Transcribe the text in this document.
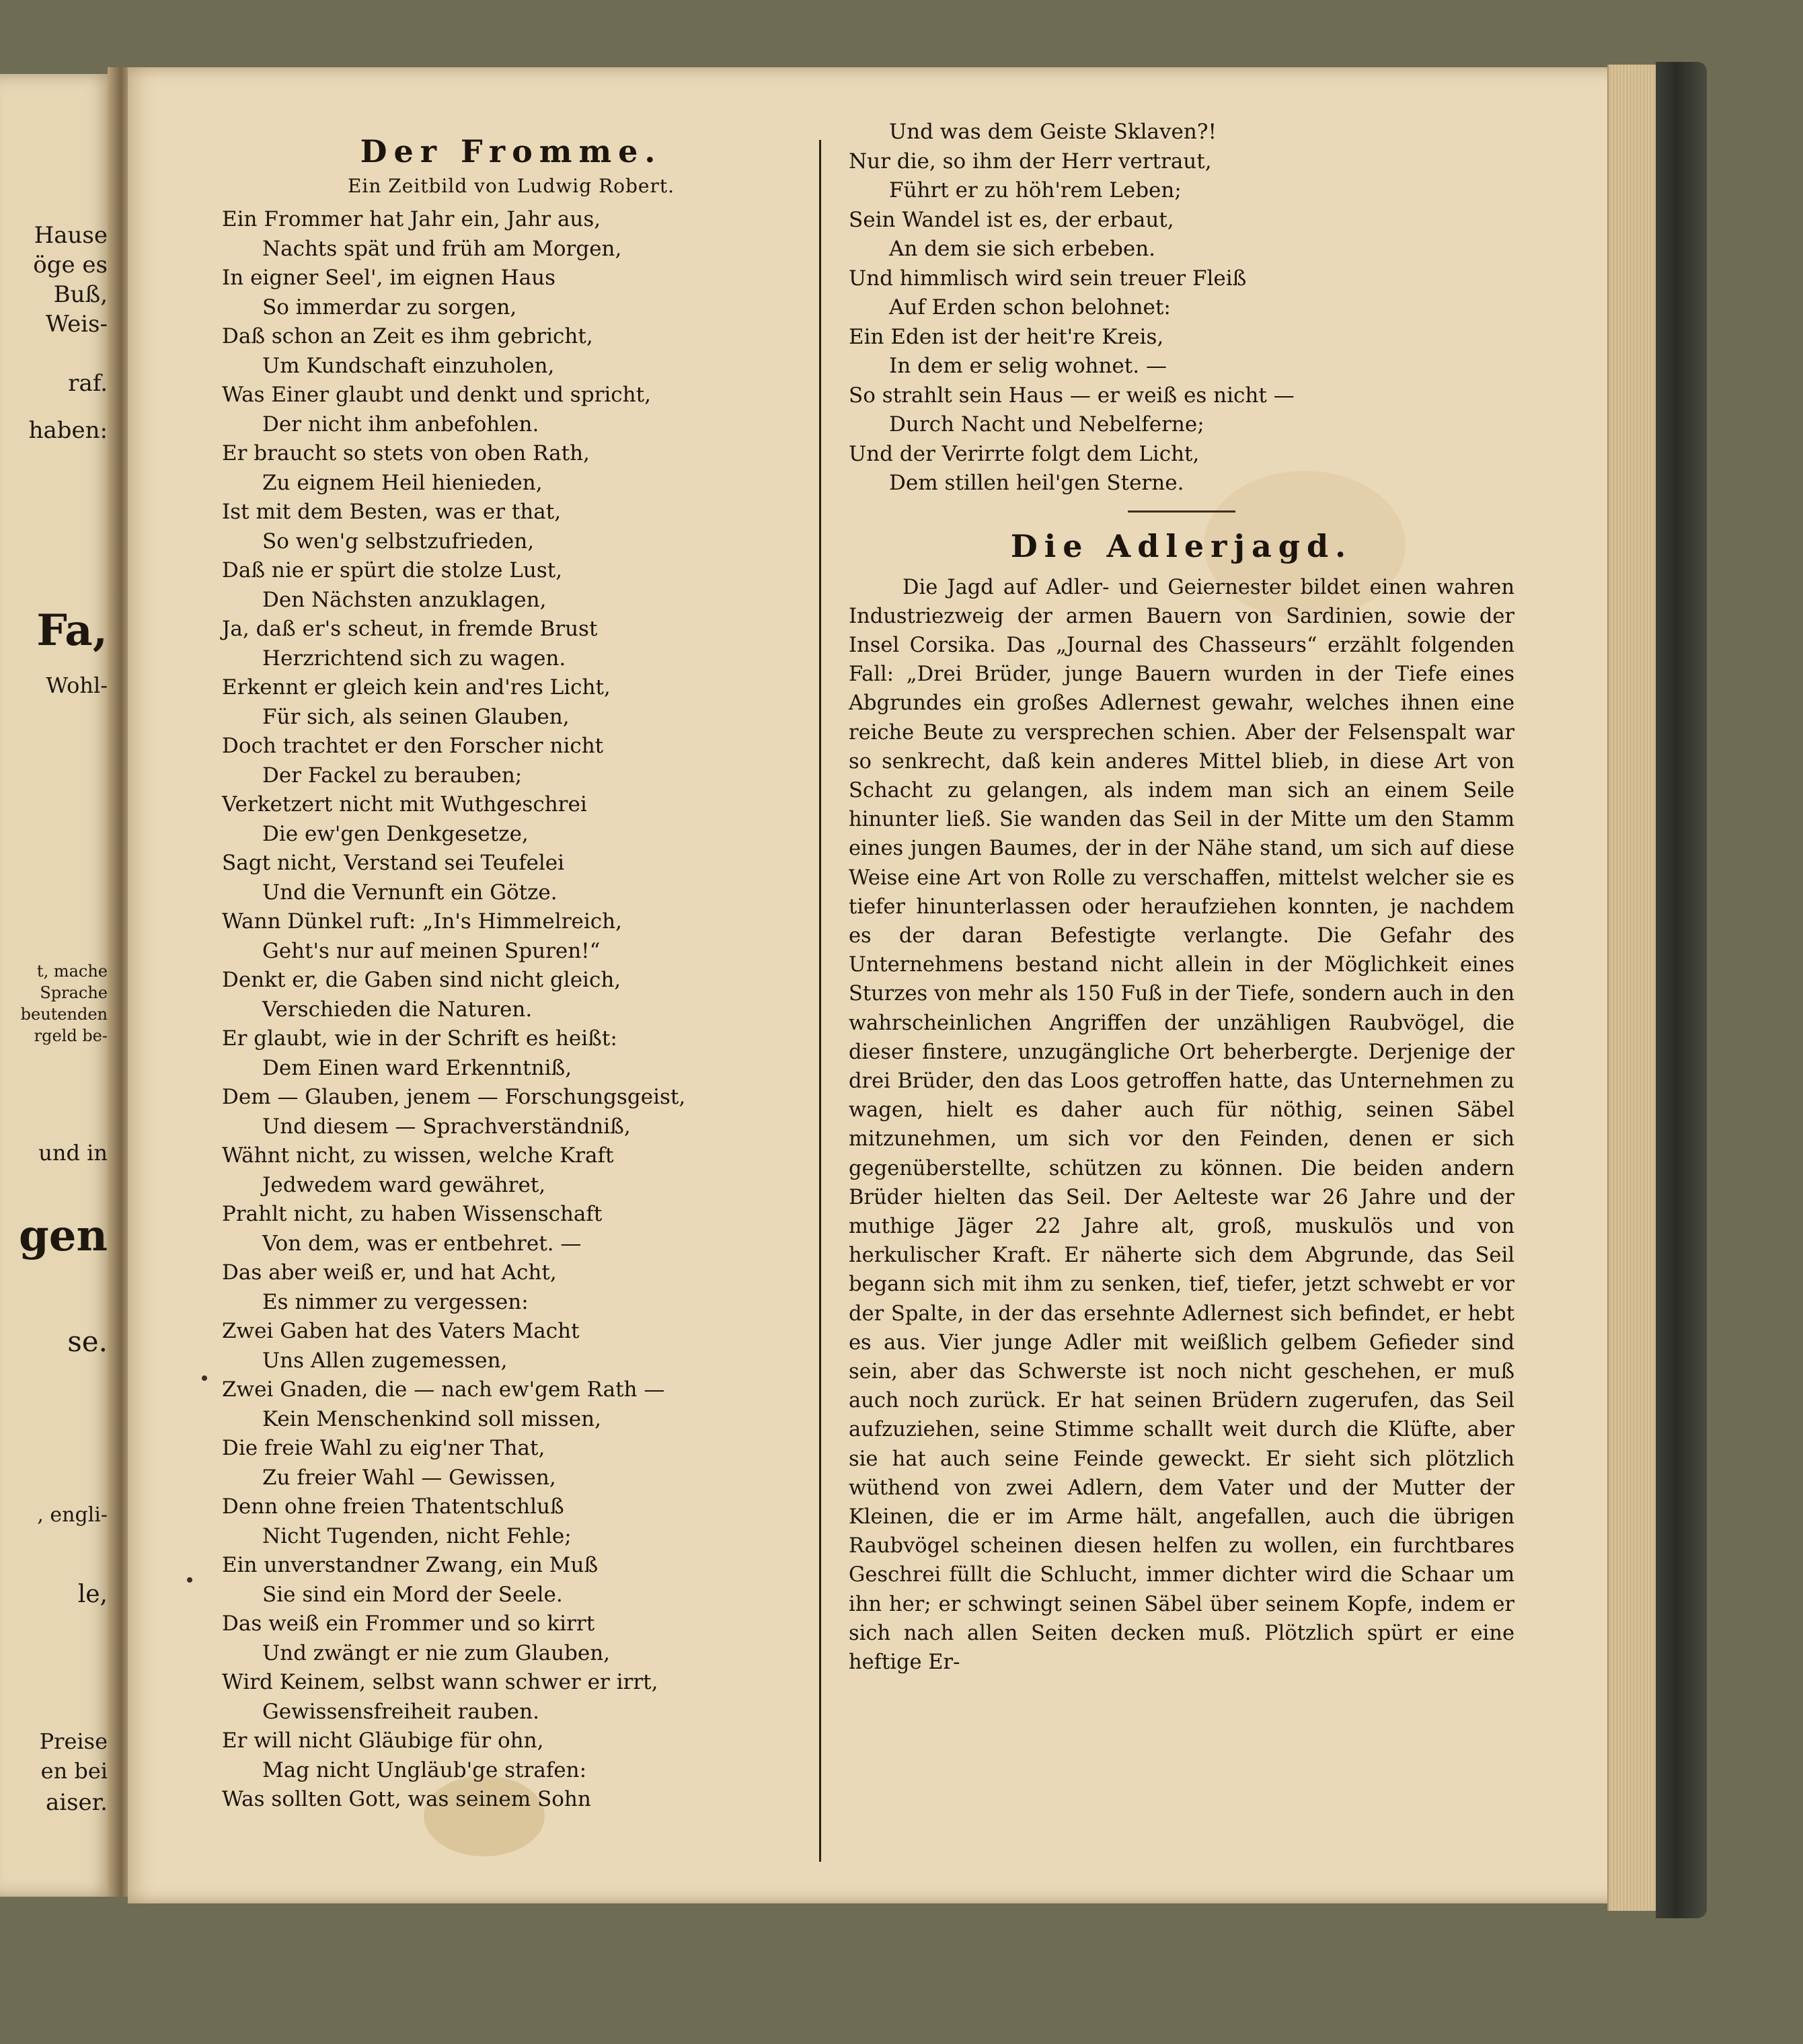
Hause
öge es
Buß,
Weis-
raf.
haben:
Fa,
Wohl-
t, mache
Sprache
beutenden
rgeld be-
und in
gen
se.
, engli-
le,
Preise
en bei
aiser.
Der Fromme.

Ein Zeitbild von Ludwig Robert.

Ein Frommer hat Jahr ein, Jahr aus,

Nachts spät und früh am Morgen,

In eigner Seel', im eignen Haus

So immerdar zu sorgen,

Daß schon an Zeit es ihm gebricht,

Um Kundschaft einzuholen,

Was Einer glaubt und denkt und spricht,

Der nicht ihm anbefohlen.

Er braucht so stets von oben Rath,

Zu eignem Heil hienieden,

Ist mit dem Besten, was er that,

So wen'g selbstzufrieden,

Daß nie er spürt die stolze Lust,

Den Nächsten anzuklagen,

Ja, daß er's scheut, in fremde Brust

Herzrichtend sich zu wagen.

Erkennt er gleich kein and'res Licht,

Für sich, als seinen Glauben,

Doch trachtet er den Forscher nicht

Der Fackel zu berauben;

Verketzert nicht mit Wuthgeschrei

Die ew'gen Denkgesetze,

Sagt nicht, Verstand sei Teufelei

Und die Vernunft ein Götze.

Wann Dünkel ruft: „In's Himmelreich,

Geht's nur auf meinen Spuren!“

Denkt er, die Gaben sind nicht gleich,

Verschieden die Naturen.

Er glaubt, wie in der Schrift es heißt:

Dem Einen ward Erkenntniß,

Dem — Glauben, jenem — Forschungsgeist,

Und diesem — Sprachverständniß,

Wähnt nicht, zu wissen, welche Kraft

Jedwedem ward gewähret,

Prahlt nicht, zu haben Wissenschaft

Von dem, was er entbehret. —

Das aber weiß er, und hat Acht,

Es nimmer zu vergessen:

Zwei Gaben hat des Vaters Macht

Uns Allen zugemessen,

Zwei Gnaden, die — nach ew'gem Rath —

Kein Menschenkind soll missen,

Die freie Wahl zu eig'ner That,

Zu freier Wahl — Gewissen,

Denn ohne freien Thatentschluß

Nicht Tugenden, nicht Fehle;

Ein unverstandner Zwang, ein Muß

Sie sind ein Mord der Seele.

Das weiß ein Frommer und so kirrt

Und zwängt er nie zum Glauben,

Wird Keinem, selbst wann schwer er irrt,

Gewissensfreiheit rauben.

Er will nicht Gläubige für ohn,

Mag nicht Ungläub'ge strafen:

Was sollten Gott, was seinem Sohn

Und was dem Geiste Sklaven?!

Nur die, so ihm der Herr vertraut,

Führt er zu höh'rem Leben;

Sein Wandel ist es, der erbaut,

An dem sie sich erbeben.

Und himmlisch wird sein treuer Fleiß

Auf Erden schon belohnet:

Ein Eden ist der heit're Kreis,

In dem er selig wohnet. —

So strahlt sein Haus — er weiß es nicht —

Durch Nacht und Nebelferne;

Und der Verirrte folgt dem Licht,

Dem stillen heil'gen Sterne.

Die Adlerjagd.

Die Jagd auf Adler- und Geiernester bildet einen wahren Industriezweig der armen Bauern von Sardinien, sowie der Insel Corsika. Das „Journal des Chasseurs“ erzählt folgenden Fall: „Drei Brüder, junge Bauern wurden in der Tiefe eines Abgrundes ein großes Adlernest gewahr, welches ihnen eine reiche Beute zu versprechen schien. Aber der Felsenspalt war so senkrecht, daß kein anderes Mittel blieb, in diese Art von Schacht zu gelangen, als indem man sich an einem Seile hinunter ließ. Sie wanden das Seil in der Mitte um den Stamm eines jungen Baumes, der in der Nähe stand, um sich auf diese Weise eine Art von Rolle zu verschaffen, mittelst welcher sie es tiefer hinunterlassen oder heraufziehen konnten, je nachdem es der daran Befestigte verlangte. Die Gefahr des Unternehmens bestand nicht allein in der Möglichkeit eines Sturzes von mehr als 150 Fuß in der Tiefe, sondern auch in den wahrscheinlichen Angriffen der unzähligen Raubvögel, die dieser finstere, unzugängliche Ort beherbergte. Derjenige der drei Brüder, den das Loos getroffen hatte, das Unternehmen zu wagen, hielt es daher auch für nöthig, seinen Säbel mitzunehmen, um sich vor den Feinden, denen er sich gegenüberstellte, schützen zu können. Die beiden andern Brüder hielten das Seil. Der Aelteste war 26 Jahre und der muthige Jäger 22 Jahre alt, groß, muskulös und von herkulischer Kraft. Er näherte sich dem Abgrunde, das Seil begann sich mit ihm zu senken, tief, tiefer, jetzt schwebt er vor der Spalte, in der das ersehnte Adlernest sich befindet, er hebt es aus. Vier junge Adler mit weißlich gelbem Gefieder sind sein, aber das Schwerste ist noch nicht geschehen, er muß auch noch zurück. Er hat seinen Brüdern zugerufen, das Seil aufzuziehen, seine Stimme schallt weit durch die Klüfte, aber sie hat auch seine Feinde geweckt. Er sieht sich plötzlich wüthend von zwei Adlern, dem Vater und der Mutter der Kleinen, die er im Arme hält, angefallen, auch die übrigen Raubvögel scheinen diesen helfen zu wollen, ein furchtbares Geschrei füllt die Schlucht, immer dichter wird die Schaar um ihn her; er schwingt seinen Säbel über seinem Kopfe, indem er sich nach allen Seiten decken muß. Plötzlich spürt er eine heftige Er-
